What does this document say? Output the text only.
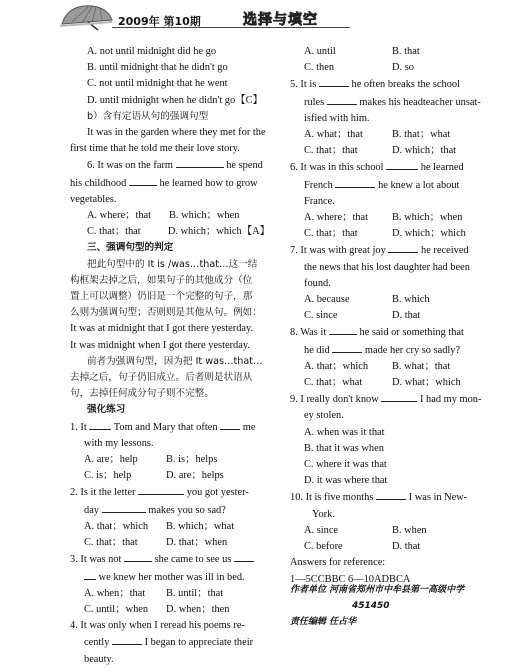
2009年 第10期	选择与填空
A. not until midnight did he go
B. until midnight that he didn't go
C. not until midnight that he went
D. until midnight when he didn't go【C】
b）含有定语从句的强调句型
It was in the garden where they met for the
first time that he told me their love story.
6. It was on the farm	he spend
his childhood	he learned how to grow
vegetables.
A. where；that	B. which；when
C. that；that	D. which；which【A】
三、强调句型的判定
把此句型中的 It is /was…that…这一结
构框架去掉之后，如果句子的其他成分（位
置上可以调整）仍旧是一个完整的句子，那
么则为强调句型；否则则是其他从句。例如：
It was at midnight that I got there yesterday.
It was midnight when I got there yesterday.
前者为强调句型，因为把 It was…that…
去掉之后，句子仍旧成立。后者则是状语从
句，去掉任何成分句子则不完整。
强化练习
1. It	Tom and Mary that often me
with my lessons.
A. are；help	B. is；helps
C. is；help	D. are；helps
2. Is it the letter	you got yester-
day	makes you so sad?
A. that；which	B. which；what
C. that；that	D. that；when
3. It was not	she came to see us
we knew her mother was ill in bed.
A. when；that	B. until；that
C. until；when	D. when；then
4. It was only when I reread his poems re-
cently	I began to appreciate their
beauty.
A. until	B. that
C. then	D. so
5. It is	he often breaks the school
rules	makes his headteacher unsat-
isfied with him.
A. what；that	B. that；what
C. that；that	D. which；that
6. It was in this school	he learned
French	he knew a lot about
France.
A. where；that	B. which；when
C. that；that	D. which；which
7. It was with great joy	he received
the news that his lost daughter had been
found.
A. because	B. which
C. since	D. that
8. Was it	he said or something that
he did	made her cry so sadly?
A. that；which	B. what；that
C. that；what	D. what；which
9. I really don't know	I had my mon-
ey stolen.
A. when was it that
B. that it was when
C. where it was that
D. it was where that
10. It is five months	I was in New-
York.
A. since	B. when
C. before	D. that
Answers for reference:
1—5CCBBC 6—10ADBCA
作者单位 河南省郑州市中牟县第一高级中学
451450
责任编辑 任占华
